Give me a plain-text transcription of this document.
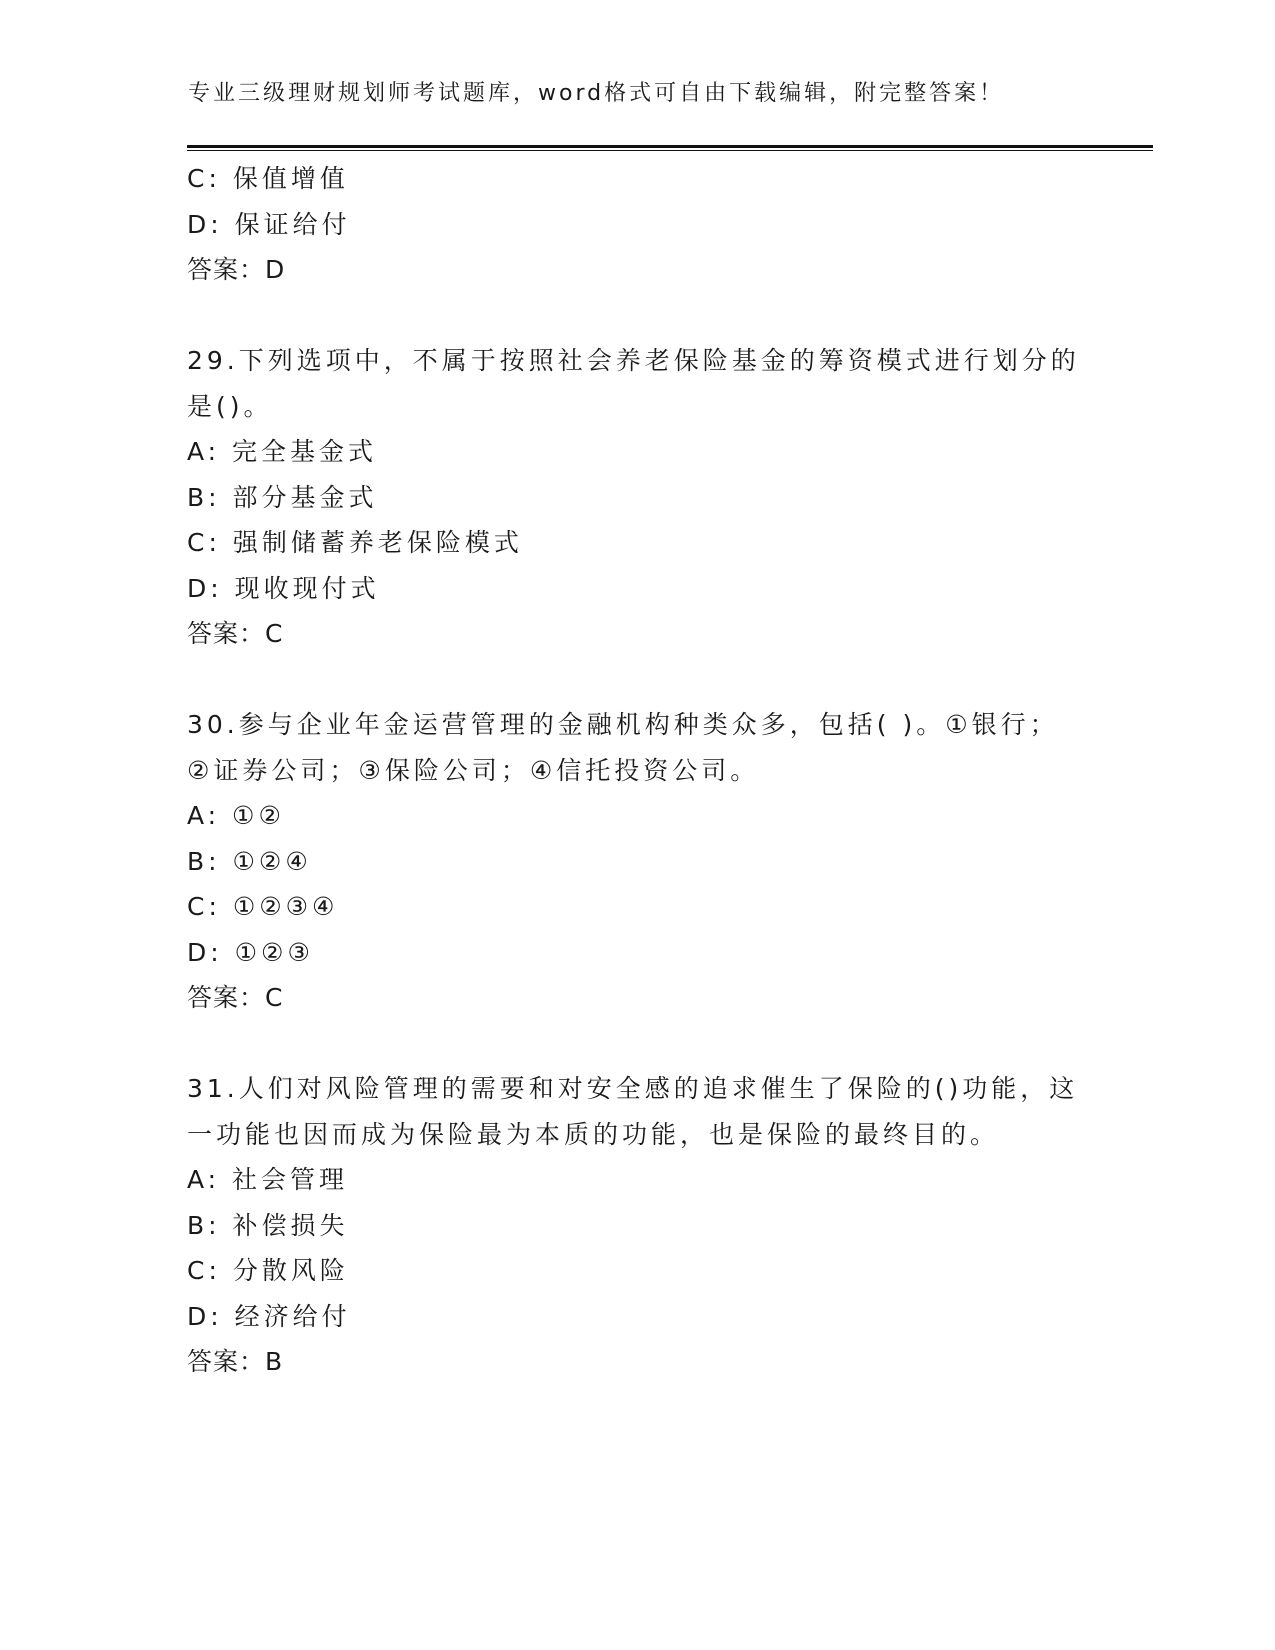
专业三级理财规划师考试题库，word格式可自由下载编辑，附完整答案！
C: 保值增值
D: 保证给付
答案：D
29.下列选项中，不属于按照社会养老保险基金的筹资模式进行划分的
是()。
A: 完全基金式
B: 部分基金式
C: 强制储蓄养老保险模式
D: 现收现付式
答案：C
30.参与企业年金运营管理的金融机构种类众多，包括( )。①银行；
②证券公司；③保险公司；④信托投资公司。
A: ①②
B: ①②④
C: ①②③④
D: ①②③
答案：C
31.人们对风险管理的需要和对安全感的追求催生了保险的()功能，这
一功能也因而成为保险最为本质的功能，也是保险的最终目的。
A: 社会管理
B: 补偿损失
C: 分散风险
D: 经济给付
答案：B
